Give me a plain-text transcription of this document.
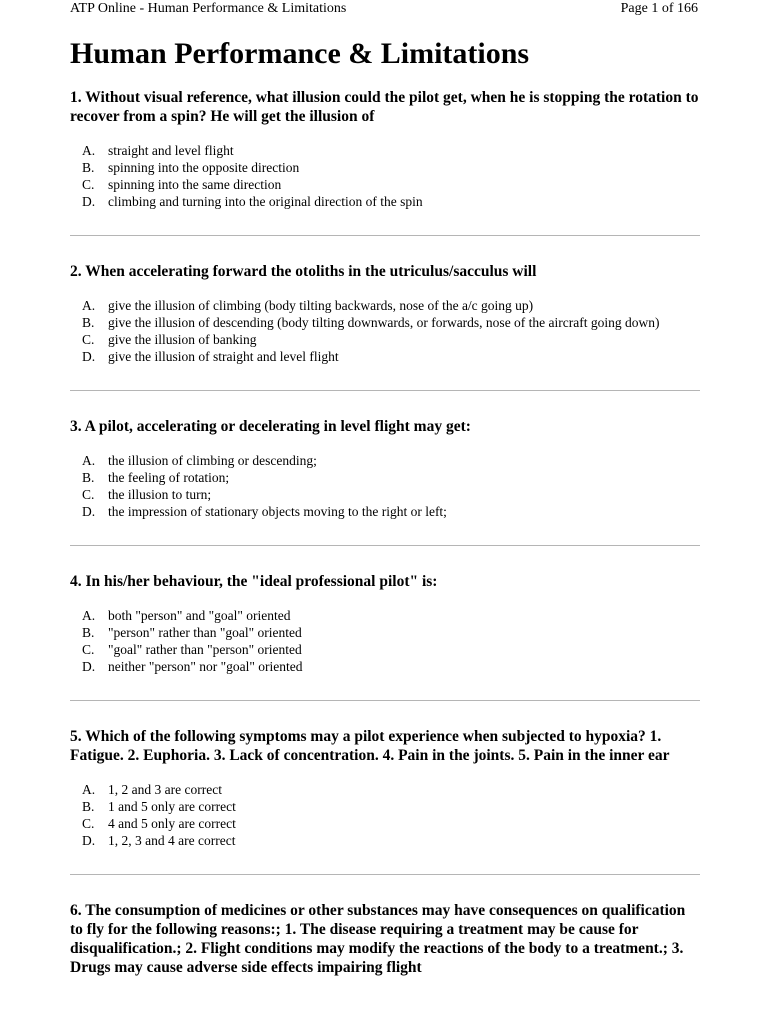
ATP Online - Human Performance & Limitations	Page 1 of 166
Human Performance & Limitations

1. Without visual reference, what illusion could the pilot get, when he is stopping the rotation to recover from a spin? He will get the illusion of

A. straight and level flight
B. spinning into the opposite direction
C. spinning into the same direction
D. climbing and turning into the original direction of the spin

2. When accelerating forward the otoliths in the utriculus/sacculus will

A. give the illusion of climbing (body tilting backwards, nose of the a/c going up)
B. give the illusion of descending (body tilting downwards, or forwards, nose of the aircraft going down)
C. give the illusion of banking
D. give the illusion of straight and level flight

3. A pilot, accelerating or decelerating in level flight may get:

A. the illusion of climbing or descending;
B. the feeling of rotation;
C. the illusion to turn;
D. the impression of stationary objects moving to the right or left;

4. In his/her behaviour, the "ideal professional pilot" is:

A. both "person" and "goal" oriented
B. "person" rather than "goal" oriented
C. "goal" rather than "person" oriented
D. neither "person" nor "goal" oriented

5. Which of the following symptoms may a pilot experience when subjected to hypoxia? 1. Fatigue. 2. Euphoria. 3. Lack of concentration. 4. Pain in the joints. 5. Pain in the inner ear

A. 1, 2 and 3 are correct
B. 1 and 5 only are correct
C. 4 and 5 only are correct
D. 1, 2, 3 and 4 are correct

6. The consumption of medicines or other substances may have consequences on qualification to fly for the following reasons:; 1. The disease requiring a treatment may be cause for disqualification.; 2. Flight conditions may modify the reactions of the body to a treatment.; 3. Drugs may cause adverse side effects impairing flight
